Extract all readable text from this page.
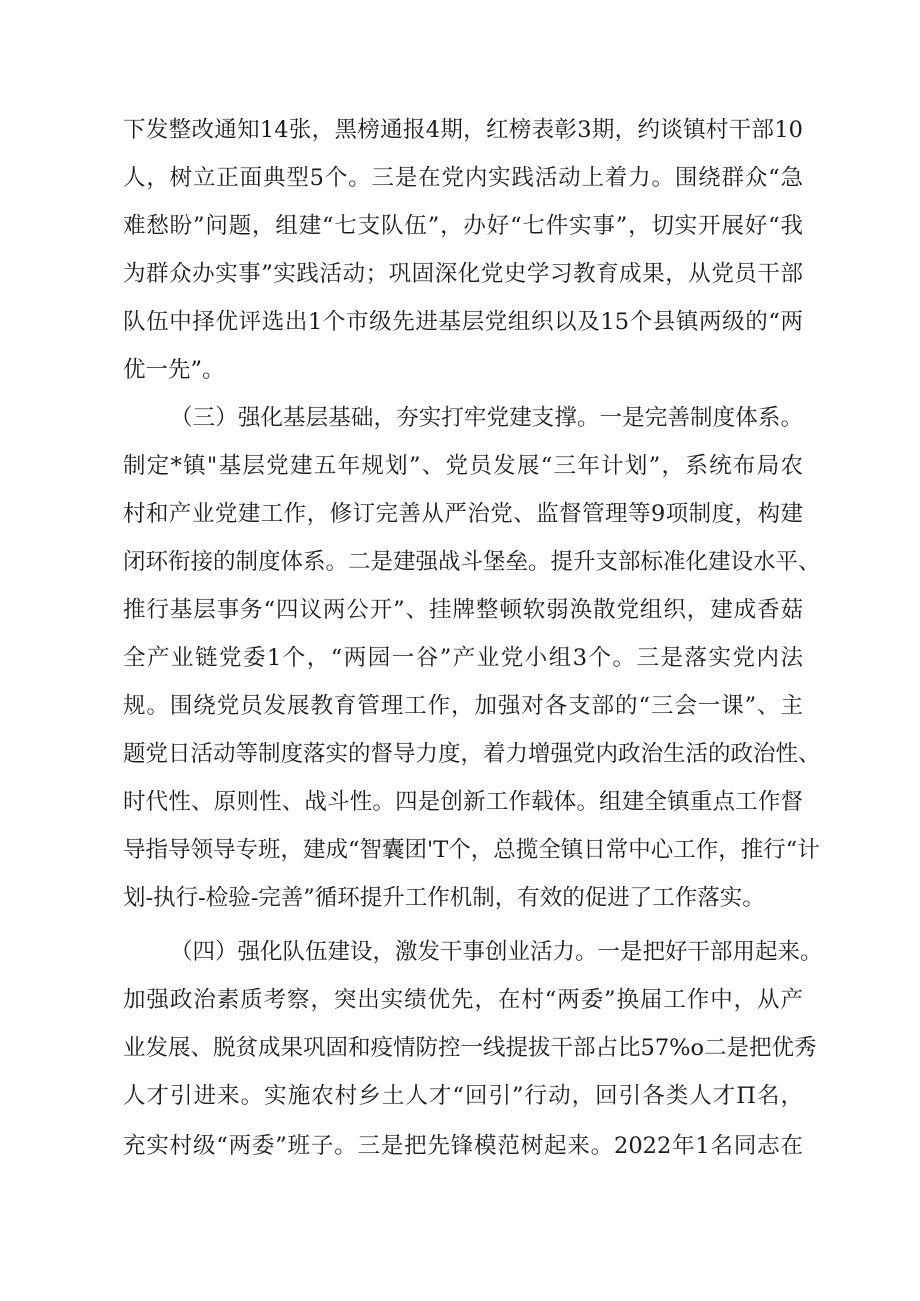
下发整改通知14张，黑榜通报4期，红榜表彰3期，约谈镇村干部10
人，树立正面典型5个。三是在党内实践活动上着力。围绕群众“急
难愁盼”问题，组建“七支队伍”，办好“七件实事”，切实开展好“我
为群众办实事”实践活动；巩固深化党史学习教育成果，从党员干部
队伍中择优评选出1个市级先进基层党组织以及15个县镇两级的“两
优一先”。
（三）强化基层基础，夯实打牢党建支撑。一是完善制度体系。
制定*镇"基层党建五年规划”、党员发展“三年计划”，系统布局农
村和产业党建工作，修订完善从严治党、监督管理等9项制度，构建
闭环衔接的制度体系。二是建强战斗堡垒。提升支部标准化建设水平、
推行基层事务“四议两公开”、挂牌整顿软弱涣散党组织，建成香菇
全产业链党委1个，“两园一谷”产业党小组3个。三是落实党内法
规。围绕党员发展教育管理工作，加强对各支部的“三会一课”、主
题党日活动等制度落实的督导力度，着力增强党内政治生活的政治性、
时代性、原则性、战斗性。四是创新工作载体。组建全镇重点工作督
导指导领导专班，建成“智囊团'T个，总揽全镇日常中心工作，推行“计
划-执行-检验-完善”循环提升工作机制，有效的促进了工作落实。
（四）强化队伍建设，激发干事创业活力。一是把好干部用起来。
加强政治素质考察，突出实绩优先，在村“两委”换届工作中，从产
业发展、脱贫成果巩固和疫情防控一线提拔干部占比57%o二是把优秀
人才引进来。实施农村乡土人才“回引”行动，回引各类人才Π名，
充实村级“两委”班子。三是把先锋模范树起来。2022年1名同志在
